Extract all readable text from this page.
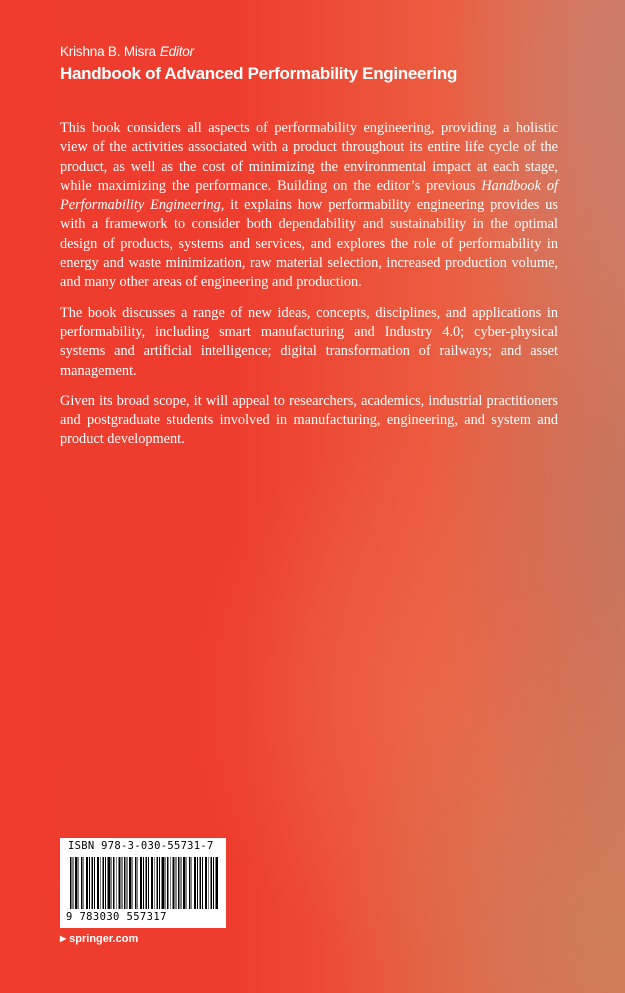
Krishna B. Misra Editor
Handbook of Advanced Performability Engineering

This book considers all aspects of performability engineering, providing a holistic view of the activities associated with a product throughout its entire life cycle of the product, as well as the cost of minimizing the environmental impact at each stage, while maximizing the performance. Building on the editor’s previous Handbook of Performability Engineering, it explains how performability engineering provides us with a framework to consider both dependability and sustainability in the optimal design of products, systems and services, and explores the role of performability in energy and waste minimization, raw material selection, increased production volume, and many other areas of engineering and production.

The book discusses a range of new ideas, concepts, disciplines, and applications in performability, including smart manufacturing and Industry 4.0; cyber-physical systems and artificial intelligence; digital transformation of railways; and asset management.

Given its broad scope, it will appeal to researchers, academics, industrial practitioners and postgraduate students involved in manufacturing, engineering, and system and product development.

ISBN 978-3-030-55731-7
9 783030 557317
▶ springer.com
